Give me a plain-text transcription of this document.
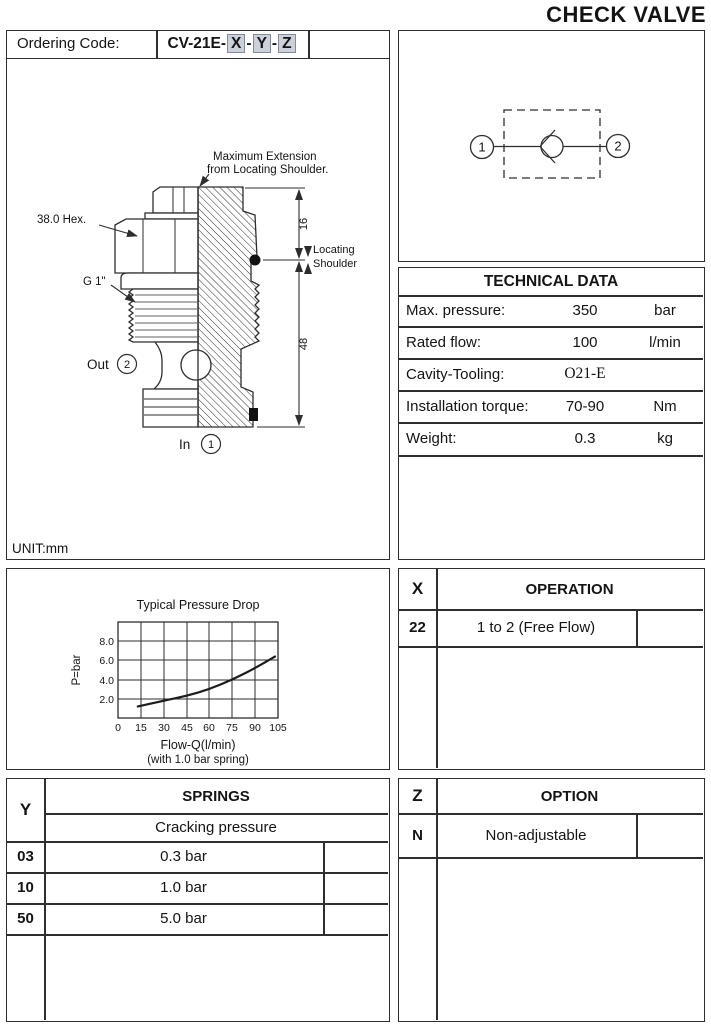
CHECK VALVE
Ordering Code:	CV-21E- X - Y - Z
16
48
Maximum Extension
from Locating Shoulder.
38.0 Hex.
G 1"
Locating
Shoulder
Out 2
In 1
UNIT:mm
1	2
TECHNICAL DATA
Max. pressure:	350	bar
Rated flow:	100	l/min
Cavity-Tooling:	O21-E
Installation torque:	70-90	Nm
Weight:	0.3	kg
Typical Pressure Drop
8.0
6.0
4.0
2.0
0 15 30 45 60 75 90 105
P=bar
Flow-Q(l/min)
(with 1.0 bar spring)
X	OPERATION
22	1 to 2 (Free Flow)
Y
SPRINGS
Cracking pressure
03	0.3 bar
10	1.0 bar
50	5.0 bar
Z	OPTION
N	Non-adjustable
